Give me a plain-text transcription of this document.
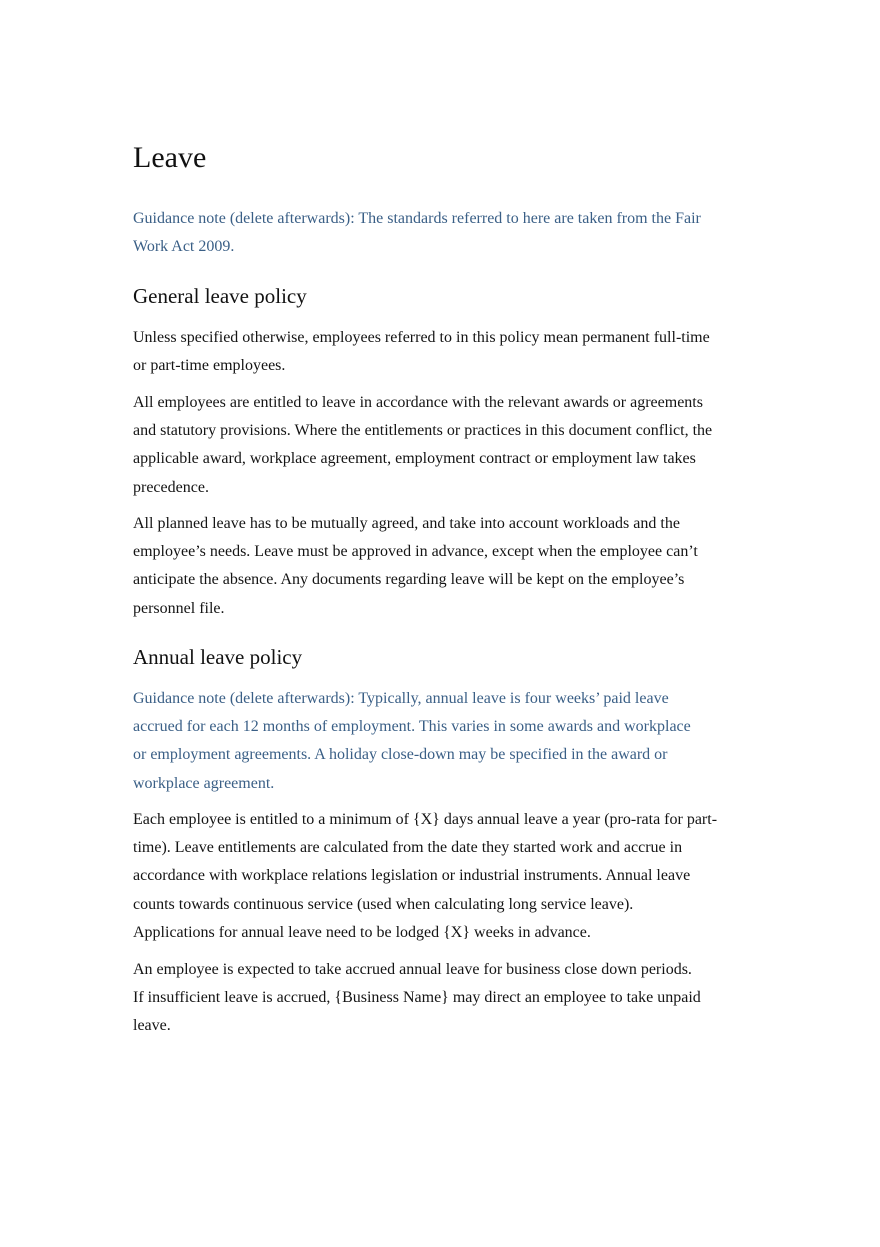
Leave

Guidance note (delete afterwards): The standards referred to here are taken from the Fair
Work Act 2009.

General leave policy

Unless specified otherwise, employees referred to in this policy mean permanent full-time
or part-time employees.

All employees are entitled to leave in accordance with the relevant awards or agreements
and statutory provisions. Where the entitlements or practices in this document conflict, the
applicable award, workplace agreement, employment contract or employment law takes
precedence.

All planned leave has to be mutually agreed, and take into account workloads and the
employee’s needs. Leave must be approved in advance, except when the employee can’t
anticipate the absence. Any documents regarding leave will be kept on the employee’s
personnel file.

Annual leave policy

Guidance note (delete afterwards): Typically, annual leave is four weeks’ paid leave
accrued for each 12 months of employment. This varies in some awards and workplace
or employment agreements. A holiday close-down may be specified in the award or
workplace agreement.

Each employee is entitled to a minimum of {X} days annual leave a year (pro-rata for part-
time). Leave entitlements are calculated from the date they started work and accrue in
accordance with workplace relations legislation or industrial instruments. Annual leave
counts towards continuous service (used when calculating long service leave).
Applications for annual leave need to be lodged {X} weeks in advance.

An employee is expected to take accrued annual leave for business close down periods.
If insufficient leave is accrued, {Business Name} may direct an employee to take unpaid
leave.
